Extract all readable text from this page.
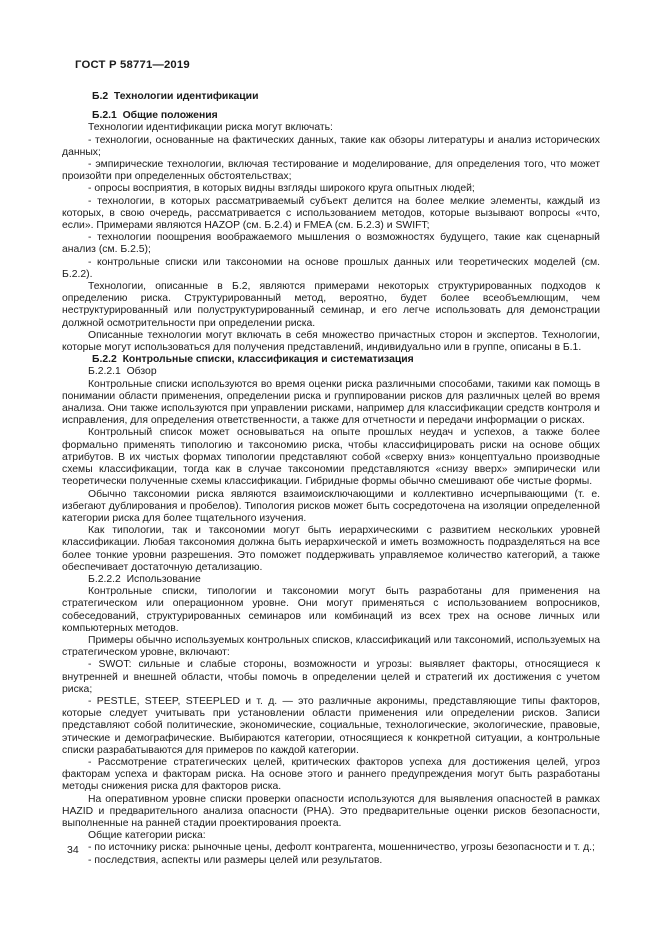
ГОСТ Р 58771—2019

Б.2  Технологии идентификации

Б.2.1  Общие положения

Технологии идентификации риска могут включать:

- технологии, основанные на фактических данных, такие как обзоры литературы и анализ исторических данных;

- эмпирические технологии, включая тестирование и моделирование, для определения того, что может произойти при определенных обстоятельствах;

- опросы восприятия, в которых видны взгляды широкого круга опытных людей;

- технологии, в которых рассматриваемый субъект делится на более мелкие элементы, каждый из которых, в свою очередь, рассматривается с использованием методов, которые вызывают вопросы «что, если». Примерами являются HAZOP (см. Б.2.4) и FMEA (см. Б.2.3) и SWIFT;

- технологии поощрения воображаемого мышления о возможностях будущего, такие как сценарный анализ (см. Б.2.5);

- контрольные списки или таксономии на основе прошлых данных или теоретических моделей (см. Б.2.2).

Технологии, описанные в Б.2, являются примерами некоторых структурированных подходов к определению риска. Структурированный метод, вероятно, будет более всеобъемлющим, чем неструктурированный или полуструктурированный семинар, и его легче использовать для демонстрации должной осмотрительности при определении риска.

Описанные технологии могут включать в себя множество причастных сторон и экспертов. Технологии, которые могут использоваться для получения представлений, индивидуально или в группе, описаны в Б.1.

Б.2.2  Контрольные списки, классификация и систематизация

Б.2.2.1  Обзор

Контрольные списки используются во время оценки риска различными способами, такими как помощь в понимании области применения, определении риска и группировании рисков для различных целей во время анализа. Они также используются при управлении рисками, например для классификации средств контроля и исправления, для определения ответственности, а также для отчетности и передачи информации о рисках.

Контрольный список может основываться на опыте прошлых неудач и успехов, а также более формально применять типологию и таксономию риска, чтобы классифицировать риски на основе общих атрибутов. В их чистых формах типологии представляют собой «сверху вниз» концептуально производные схемы классификации, тогда как в случае таксономии представляются «снизу вверх» эмпирически или теоретически полученные схемы классификации. Гибридные формы обычно смешивают обе чистые формы.

Обычно таксономии риска являются взаимоисключающими и коллективно исчерпывающими (т. е. избегают дублирования и пробелов). Типология рисков может быть сосредоточена на изоляции определенной категории риска для более тщательного изучения.

Как типологии, так и таксономии могут быть иерархическими с развитием нескольких уровней классификации. Любая таксономия должна быть иерархической и иметь возможность подразделяться на все более тонкие уровни разрешения. Это поможет поддерживать управляемое количество категорий, а также обеспечивает достаточную детализацию.

Б.2.2.2  Использование

Контрольные списки, типологии и таксономии могут быть разработаны для применения на стратегическом или операционном уровне. Они могут применяться с использованием вопросников, собеседований, структурированных семинаров или комбинаций из всех трех на основе личных или компьютерных методов.

Примеры обычно используемых контрольных списков, классификаций или таксономий, используемых на стратегическом уровне, включают:

- SWOT: сильные и слабые стороны, возможности и угрозы: выявляет факторы, относящиеся к внутренней и внешней области, чтобы помочь в определении целей и стратегий их достижения с учетом риска;

- PESTLE, STEEP, STEEPLED и т. д. — это различные акронимы, представляющие типы факторов, которые следует учитывать при установлении области применения или определении рисков. Записи представляют собой политические, экономические, социальные, технологические, экологические, правовые, этические и демографические. Выбираются категории, относящиеся к конкретной ситуации, а контрольные списки разрабатываются для примеров по каждой категории.

- Рассмотрение стратегических целей, критических факторов успеха для достижения целей, угроз факторам успеха и факторам риска. На основе этого и раннего предупреждения могут быть разработаны методы снижения риска для факторов риска.

На оперативном уровне списки проверки опасности используются для выявления опасностей в рамках HAZID и предварительного анализа опасности (PHA). Это предварительные оценки рисков безопасности, выполненные на ранней стадии проектирования проекта.

Общие категории риска:

- по источнику риска: рыночные цены, дефолт контрагента, мошенничество, угрозы безопасности и т. д.;

- последствия, аспекты или размеры целей или результатов.

34
